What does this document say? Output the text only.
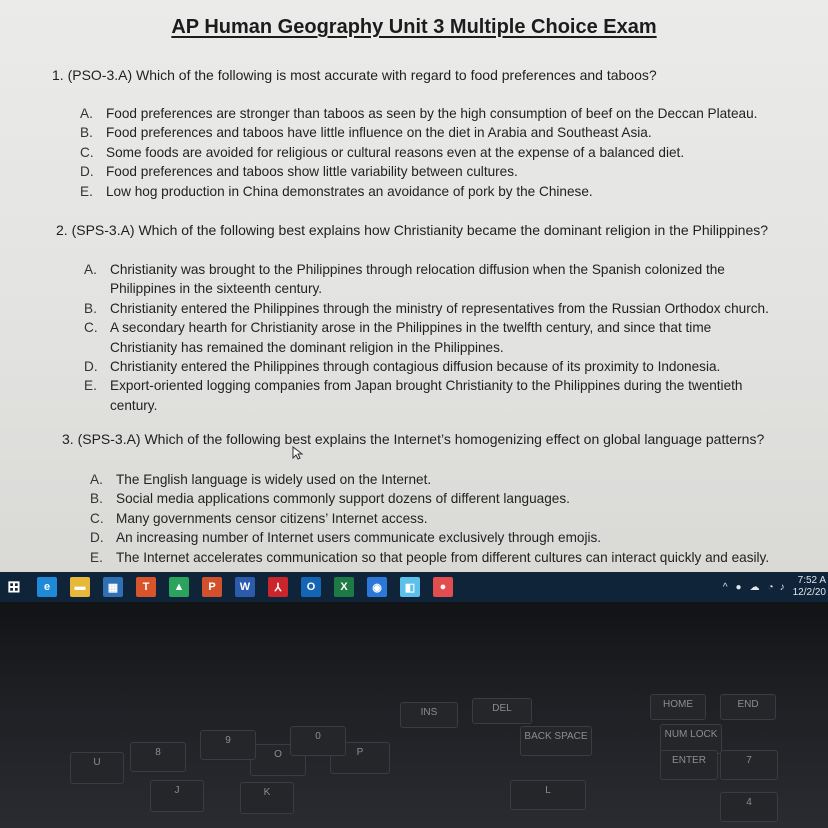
AP Human Geography Unit 3 Multiple Choice Exam
1. (PSO-3.A) Which of the following is most accurate with regard to food preferences and taboos?
A. Food preferences are stronger than taboos as seen by the high consumption of beef on the Deccan Plateau.
B. Food preferences and taboos have little influence on the diet in Arabia and Southeast Asia.
C. Some foods are avoided for religious or cultural reasons even at the expense of a balanced diet.
D. Food preferences and taboos show little variability between cultures.
E. Low hog production in China demonstrates an avoidance of pork by the Chinese.
2. (SPS-3.A) Which of the following best explains how Christianity became the dominant religion in the Philippines?
A. Christianity was brought to the Philippines through relocation diffusion when the Spanish colonized the Philippines in the sixteenth century.
B. Christianity entered the Philippines through the ministry of representatives from the Russian Orthodox church.
C. A secondary hearth for Christianity arose in the Philippines in the twelfth century, and since that time Christianity has remained the dominant religion in the Philippines.
D. Christianity entered the Philippines through contagious diffusion because of its proximity to Indonesia.
E. Export-oriented logging companies from Japan brought Christianity to the Philippines during the twentieth century.
3. (SPS-3.A) Which of the following best explains the Internet’s homogenizing effect on global language patterns?
A. The English language is widely used on the Internet.
B. Social media applications commonly support dozens of different languages.
C. Many governments censor citizens’ Internet access.
D. An increasing number of Internet users communicate exclusively through emojis.
E. The Internet accelerates communication so that people from different cultures can interact quickly and easily.
⊞	e	▬	▦	T	▲	P	W	⅄	O	X	◉	◧	●	^ ● ☁ ◔ ♪
7:52 A
12/2/20
INS	DEL	HOME	END
BACK SPACE	NUM LOCK
P
O
U
J	K	L
ENTER	7
8
9	0
4
